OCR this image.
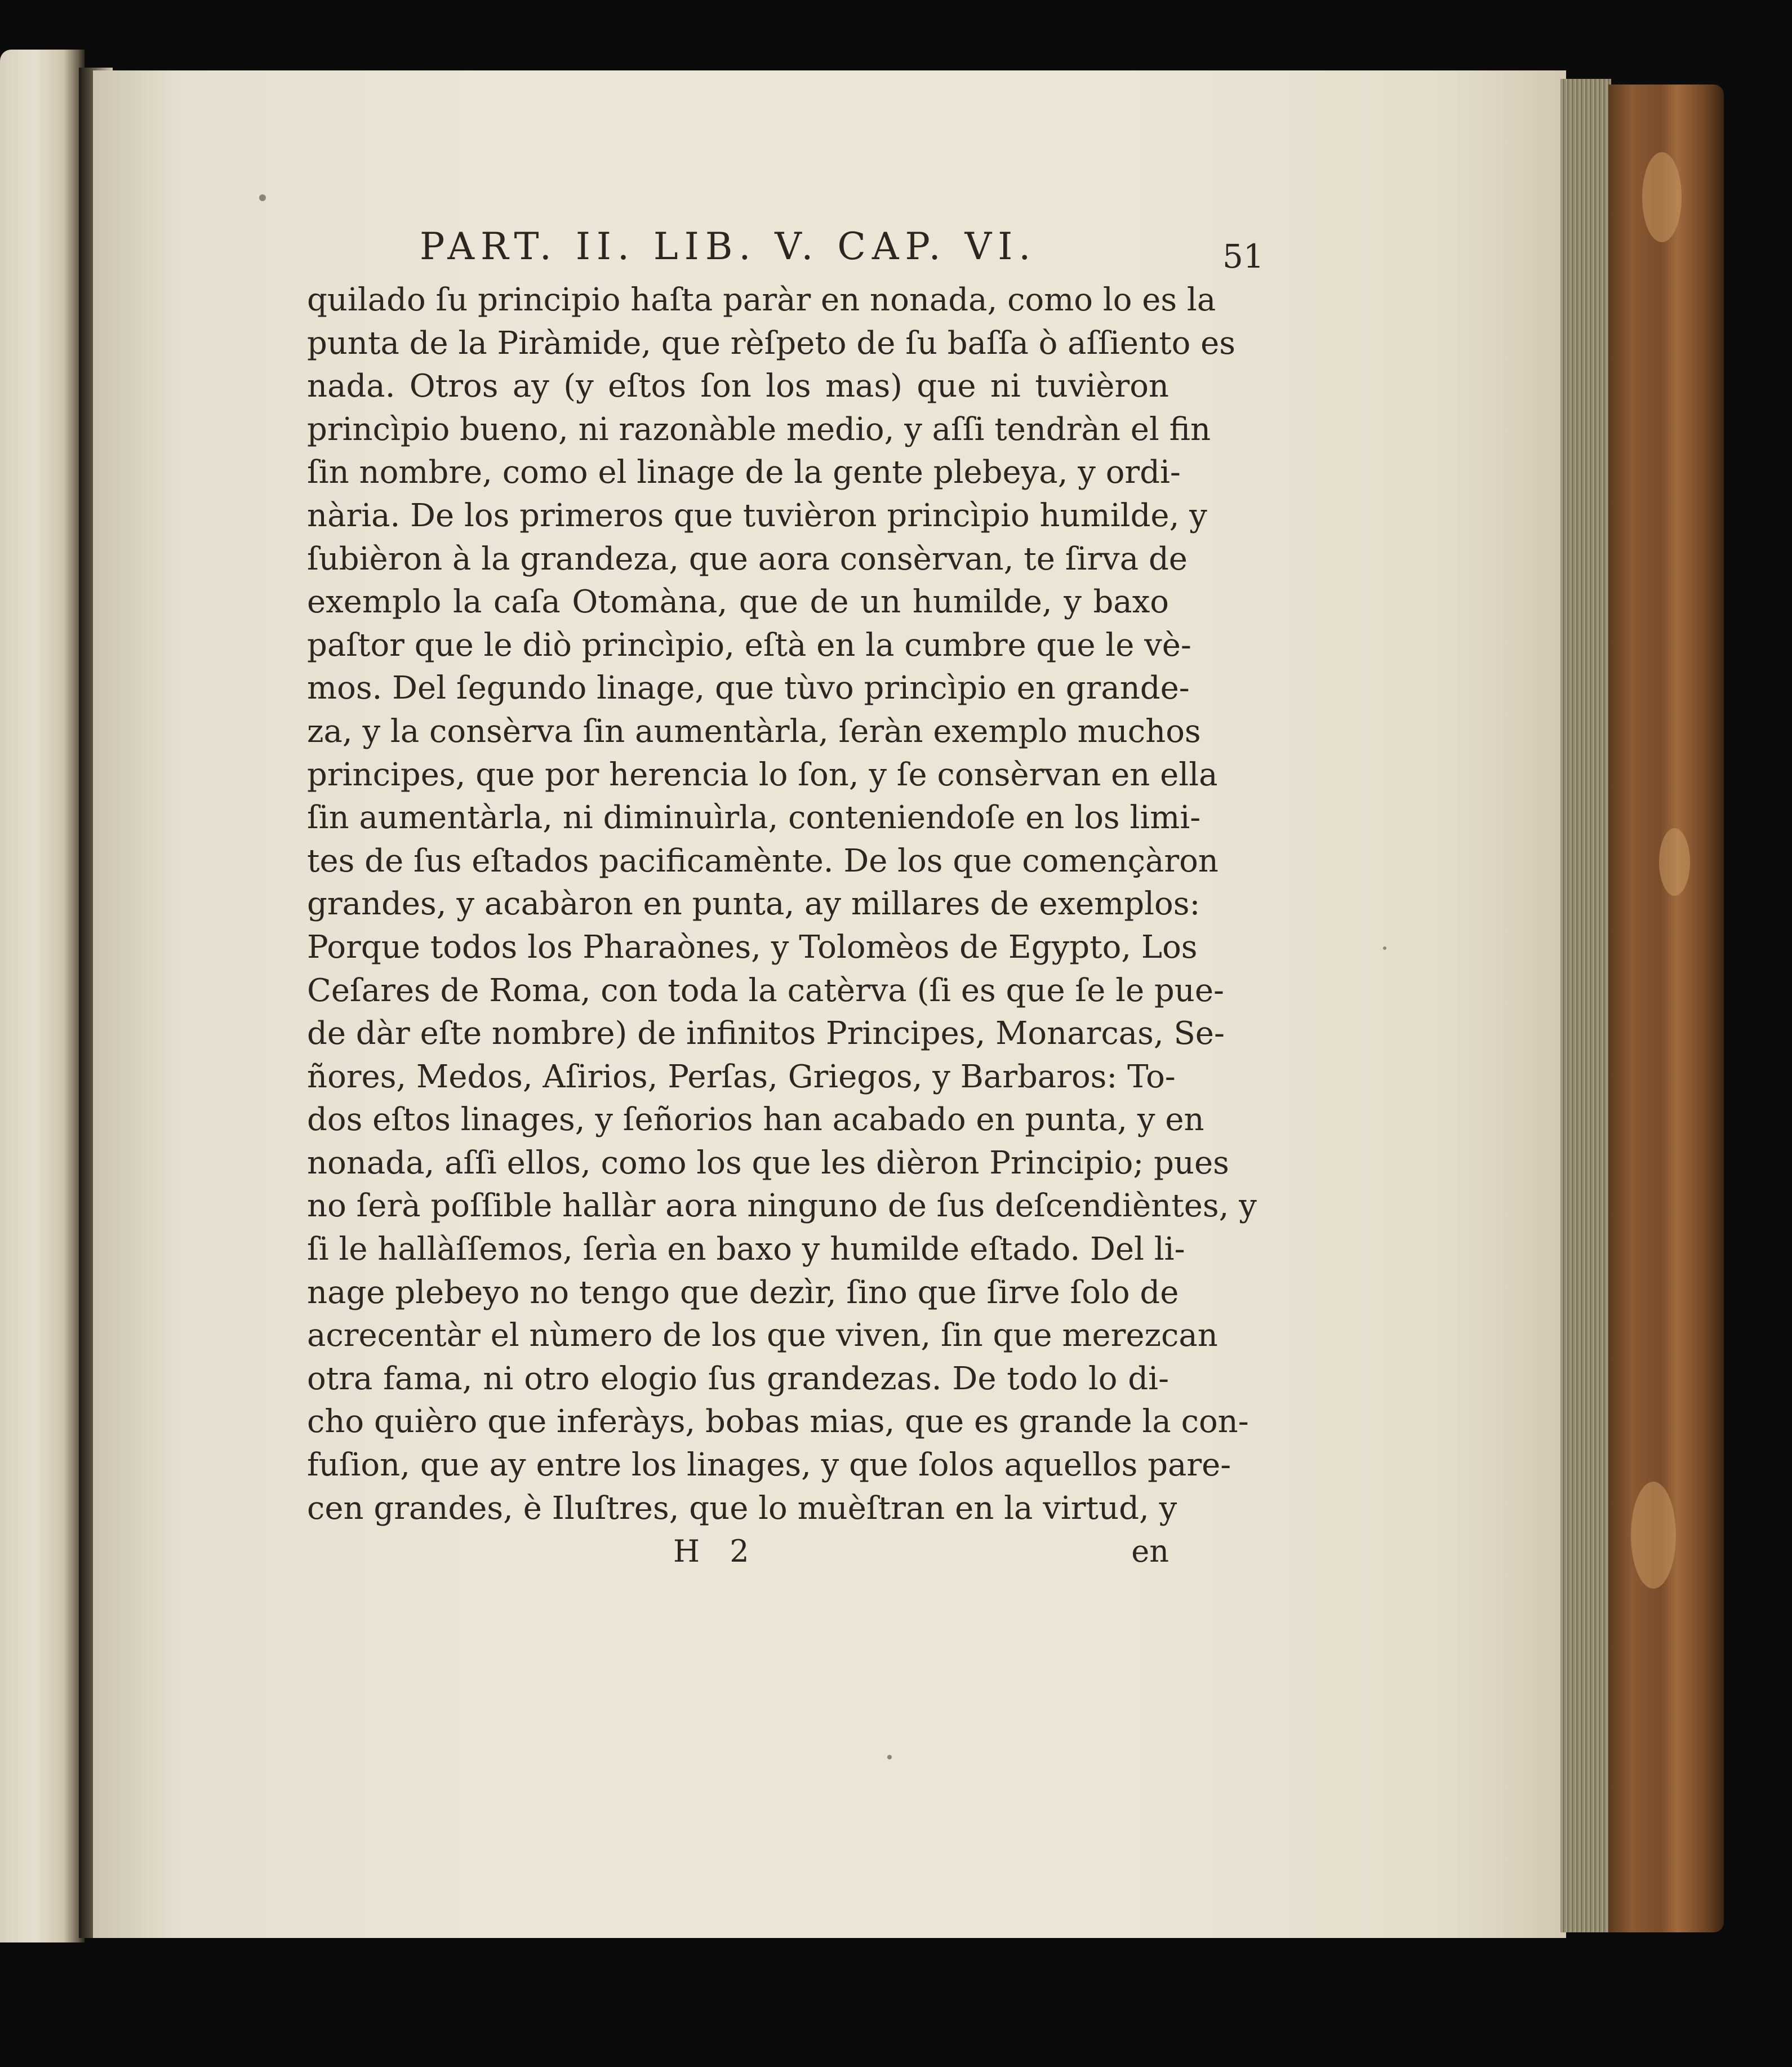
PART. II. LIB. V. CAP. VI.	51
quilado ſu principio haſta paràr en nonada, como lo es la
punta de la Piràmide, que rèſpeto de ſu baſſa ò aſſiento es
nada. Otros ay (y eſtos ſon los mas) que ni tuvièron
princìpio bueno, ni razonàble medio, y aſſi tendràn el fin
ſin nombre, como el linage de la gente plebeya, y ordi-
nària. De los primeros que tuvièron princìpio humilde, y
ſubièron à la grandeza, que aora consèrvan, te ſirva de
exemplo la caſa Otomàna, que de un humilde, y baxo
paſtor que le diò princìpio, eſtà en la cumbre que le vè-
mos. Del ſegundo linage, que tùvo princìpio en grande-
za, y la consèrva ſin aumentàrla, ſeràn exemplo muchos
principes, que por herencia lo ſon, y ſe consèrvan en ella
ſin aumentàrla, ni diminuìrla, conteniendoſe en los limi-
tes de ſus eſtados pacificamènte. De los que començàron
grandes, y acabàron en punta, ay millares de exemplos:
Porque todos los Pharaònes, y Tolomèos de Egypto, Los
Ceſares de Roma, con toda la catèrva (ſi es que ſe le pue-
de dàr eſte nombre) de infinitos Principes, Monarcas, Se-
ñores, Medos, Aſirios, Perſas, Griegos, y Barbaros: To-
dos eſtos linages, y ſeñorios han acabado en punta, y en
nonada, aſſi ellos, como los que les dièron Principio; pues
no ſerà poſſible hallàr aora ninguno de ſus deſcendièntes, y
ſi le hallàſſemos, ſerìa en baxo y humilde eſtado. Del li-
nage plebeyo no tengo que dezìr, ſino que ſirve ſolo de
acrecentàr el nùmero de los que viven, ſin que merezcan
otra fama, ni otro elogio ſus grandezas. De todo lo di-
cho quièro que inferàys, bobas mias, que es grande la con-
fuſion, que ay entre los linages, y que ſolos aquellos pare-
cen grandes, è Iluſtres, que lo muèſtran en la virtud, y
H 2	en
